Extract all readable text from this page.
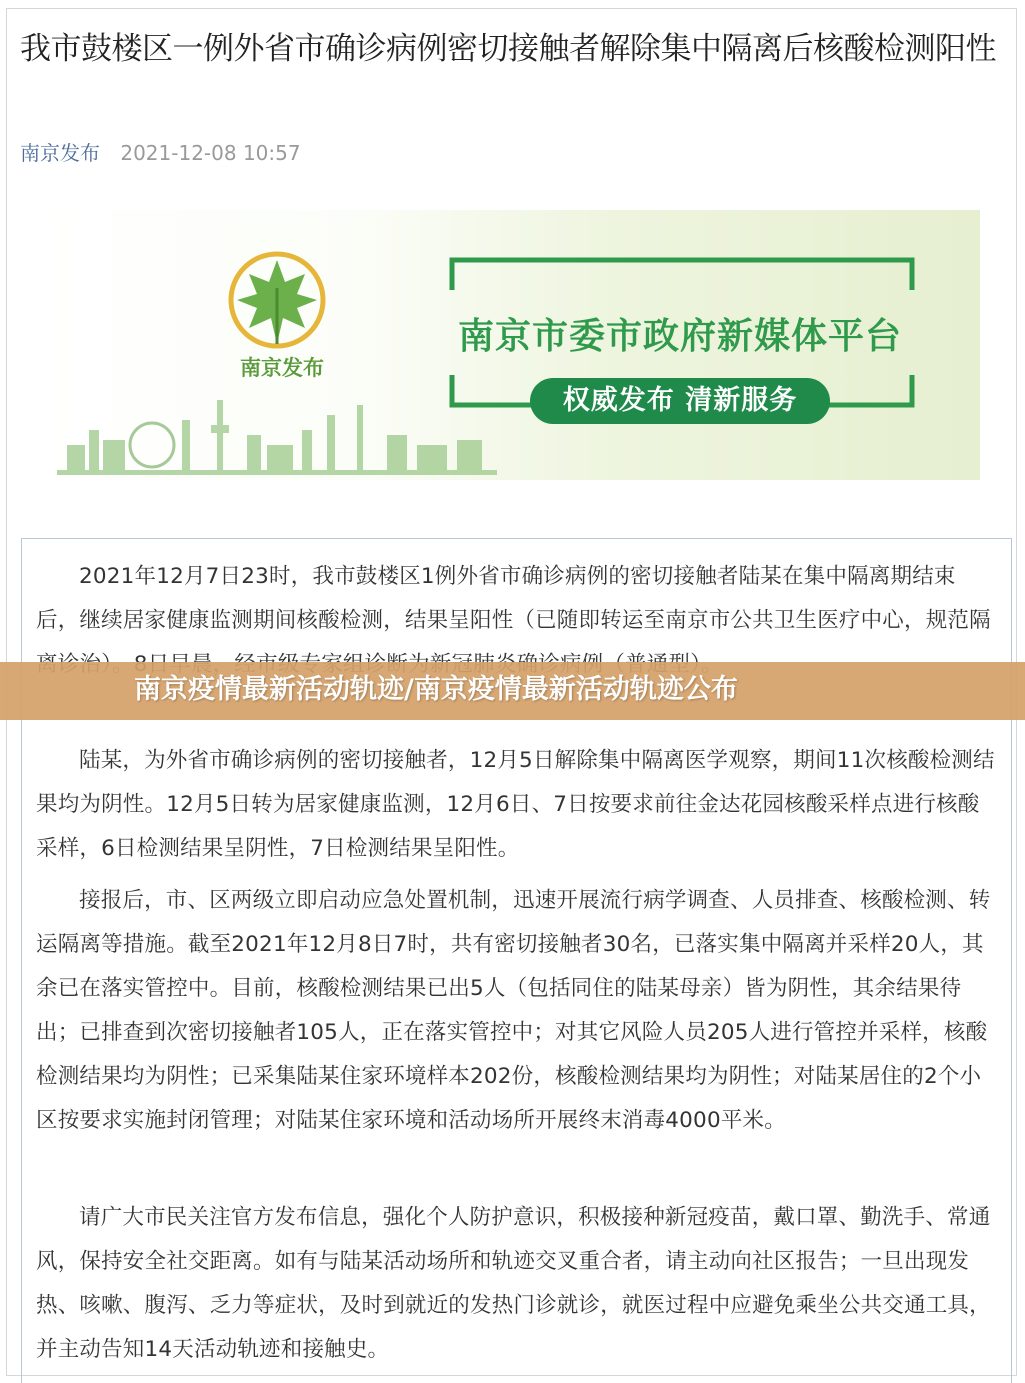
我市鼓楼区一例外省市确诊病例密切接触者解除集中隔离后核酸检测阳性
南京发布 2021-12-08 10:57
南京发布
南京市委市政府新媒体平台
权威发布 清新服务

2021年12月7日23时，我市鼓楼区1例外省市确诊病例的密切接触者陆某在集中隔离期结束后，继续居家健康监测期间核酸检测，结果呈阳性（已随即转运至南京市公共卫生医疗中心，规范隔

陆某，为外省市确诊病例的密切接触者，12月5日解除集中隔离医学观察，期间11次核酸检测结果均为阴性。12月5日转为居家健康监测，12月6日、7日按要求前往金达花园核酸采样点进行核酸采样，6日检测结果呈阴性，7日检测结果呈阳性。

接报后，市、区两级立即启动应急处置机制，迅速开展流行病学调查、人员排查、核酸检测、转运隔离等措施。截至2021年12月8日7时，共有密切接触者30名，已落实集中隔离并采样20人，其余已在落实管控中。目前，核酸检测结果已出5人（包括同住的陆某母亲）皆为阴性，其余结果待出；已排查到次密切接触者105人，正在落实管控中；对其它风险人员205人进行管控并采样，核酸检测结果均为阴性；已采集陆某住家环境样本202份，核酸检测结果均为阴性；对陆某居住的2个小区按要求实施封闭管理；对陆某住家环境和活动场所开展终末消毒4000平米。

请广大市民关注官方发布信息，强化个人防护意识，积极接种新冠疫苗，戴口罩、勤洗手、常通风，保持安全社交距离。如有与陆某活动场所和轨迹交叉重合者，请主动向社区报告；一旦出现发热、咳嗽、腹泻、乏力等症状，及时到就近的发热门诊就诊，就医过程中应避免乘坐公共交通工具，并主动告知14天活动轨迹和接触史。

南京疫情最新活动轨迹/南京疫情最新活动轨迹公布
